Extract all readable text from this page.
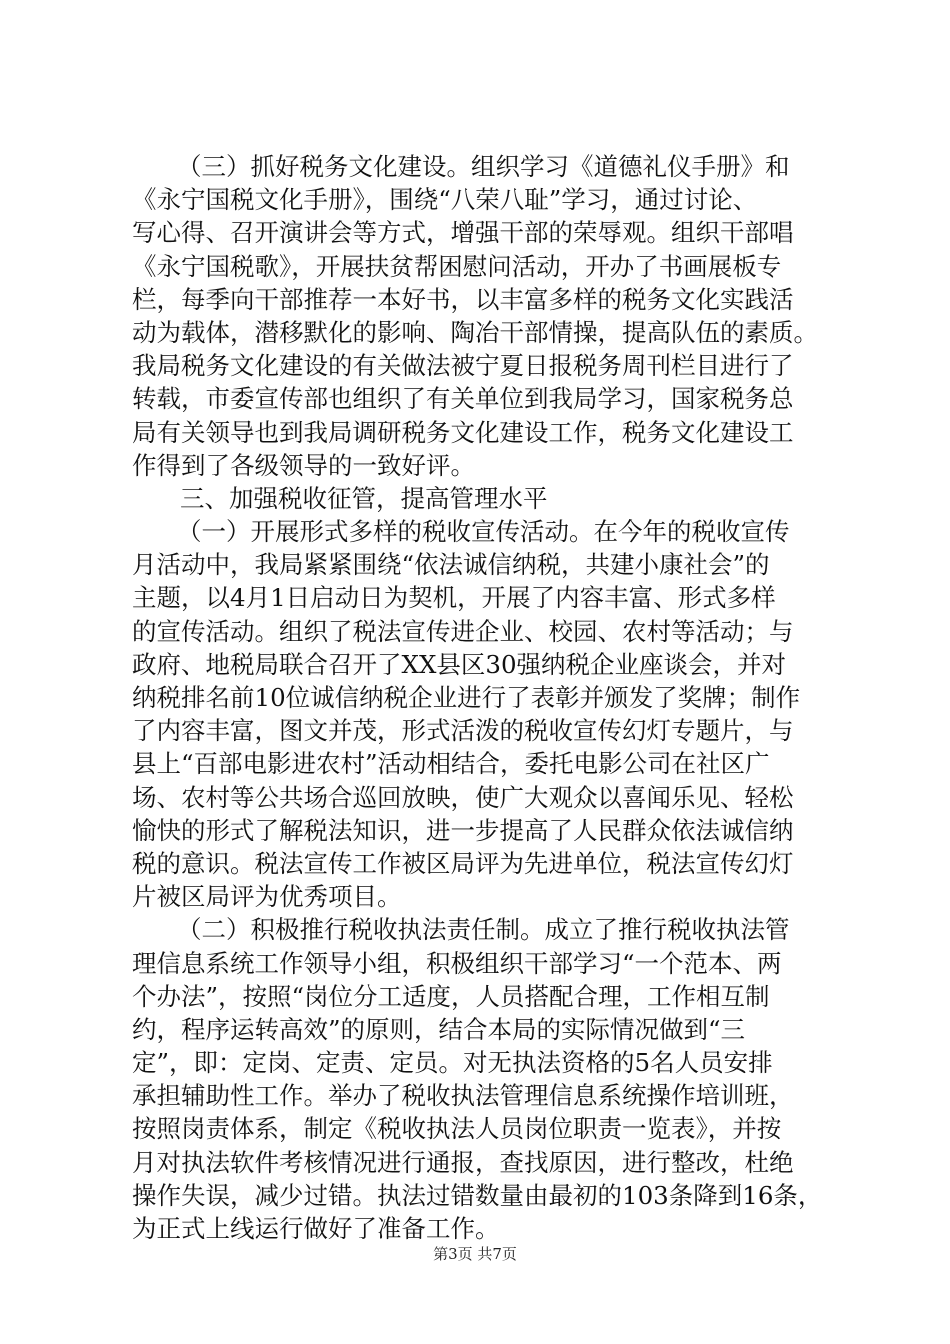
（三）抓好税务文化建设。组织学习《道德礼仪手册》和
《永宁国税文化手册》，围绕“八荣八耻”学习，通过讨论、
写心得、召开演讲会等方式，增强干部的荣辱观。组织干部唱
《永宁国税歌》，开展扶贫帮困慰问活动，开办了书画展板专
栏，每季向干部推荐一本好书，以丰富多样的税务文化实践活
动为载体，潜移默化的影响、陶冶干部情操，提高队伍的素质。
我局税务文化建设的有关做法被宁夏日报税务周刊栏目进行了
转载，市委宣传部也组织了有关单位到我局学习，国家税务总
局有关领导也到我局调研税务文化建设工作，税务文化建设工
作得到了各级领导的一致好评。
三、加强税收征管，提高管理水平
（一）开展形式多样的税收宣传活动。在今年的税收宣传
月活动中，我局紧紧围绕“依法诚信纳税，共建小康社会”的
主题，以4月1日启动日为契机，开展了内容丰富、形式多样
的宣传活动。组织了税法宣传进企业、校园、农村等活动；与
政府、地税局联合召开了XX县区30强纳税企业座谈会，并对
纳税排名前10位诚信纳税企业进行了表彰并颁发了奖牌；制作
了内容丰富，图文并茂，形式活泼的税收宣传幻灯专题片，与
县上“百部电影进农村”活动相结合，委托电影公司在社区广
场、农村等公共场合巡回放映，使广大观众以喜闻乐见、轻松
愉快的形式了解税法知识，进一步提高了人民群众依法诚信纳
税的意识。税法宣传工作被区局评为先进单位，税法宣传幻灯
片被区局评为优秀项目。
（二）积极推行税收执法责任制。成立了推行税收执法管
理信息系统工作领导小组，积极组织干部学习“一个范本、两
个办法”，按照“岗位分工适度，人员搭配合理，工作相互制
约，程序运转高效”的原则，结合本局的实际情况做到“三
定”，即：定岗、定责、定员。对无执法资格的5名人员安排
承担辅助性工作。举办了税收执法管理信息系统操作培训班，
按照岗责体系，制定《税收执法人员岗位职责一览表》，并按
月对执法软件考核情况进行通报，查找原因，进行整改，杜绝
操作失误，减少过错。执法过错数量由最初的103条降到16条，
为正式上线运行做好了准备工作。
第3页 共7页
